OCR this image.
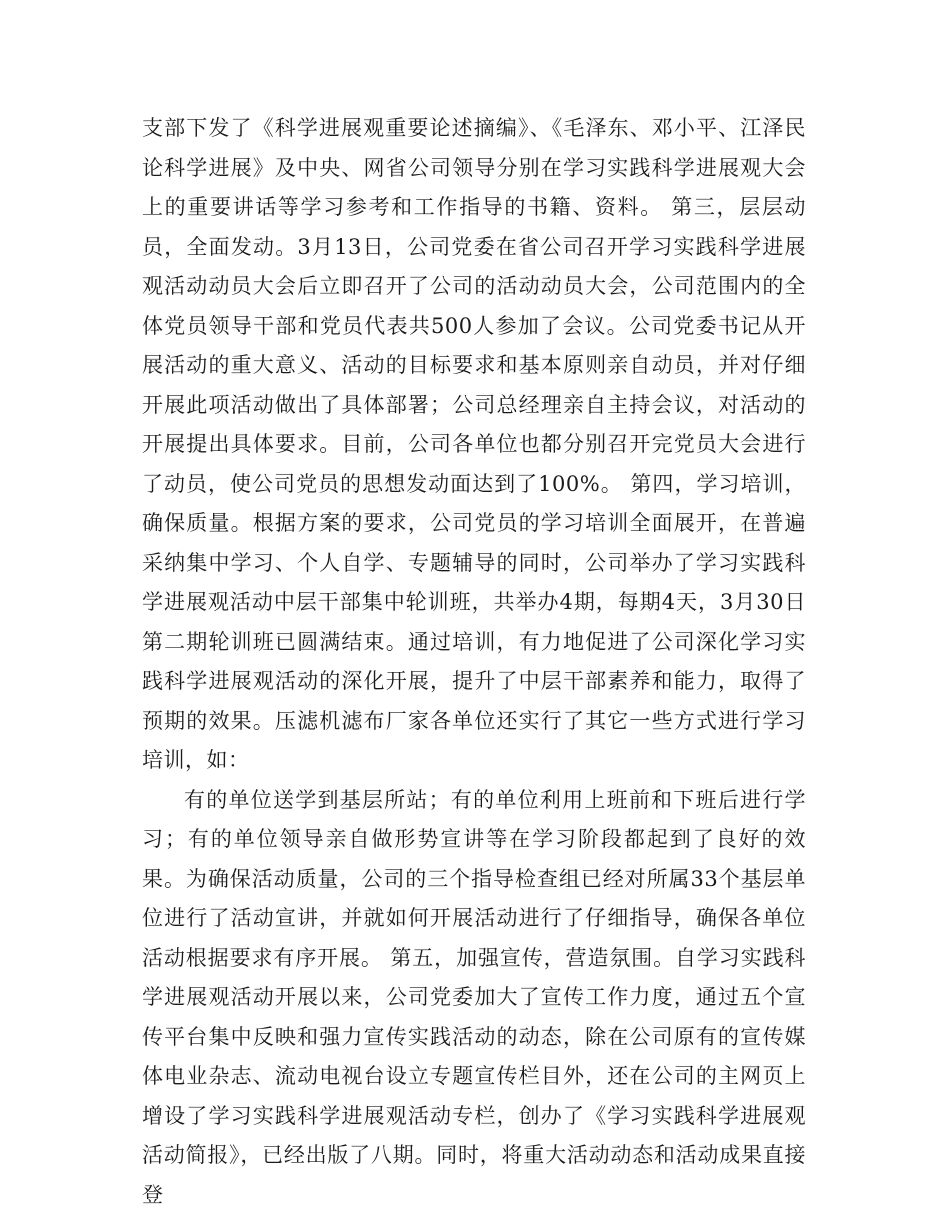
支部下发了《科学进展观重要论述摘编》、《毛泽东、邓小平、江泽民论科学进展》及中央、网省公司领导分别在学习实践科学进展观大会上的重要讲话等学习参考和工作指导的书籍、资料。 第三，层层动员，全面发动。3月13日，公司党委在省公司召开学习实践科学进展观活动动员大会后立即召开了公司的活动动员大会，公司范围内的全体党员领导干部和党员代表共500人参加了会议。公司党委书记从开展活动的重大意义、活动的目标要求和基本原则亲自动员，并对仔细开展此项活动做出了具体部署；公司总经理亲自主持会议，对活动的开展提出具体要求。目前，公司各单位也都分别召开完党员大会进行了动员，使公司党员的思想发动面达到了100%。 第四，学习培训，确保质量。根据方案的要求，公司党员的学习培训全面展开，在普遍采纳集中学习、个人自学、专题辅导的同时，公司举办了学习实践科学进展观活动中层干部集中轮训班，共举办4期，每期4天，3月30日第二期轮训班已圆满结束。通过培训，有力地促进了公司深化学习实践科学进展观活动的深化开展，提升了中层干部素养和能力，取得了预期的效果。压滤机滤布厂家各单位还实行了其它一些方式进行学习培训，如：

有的单位送学到基层所站；有的单位利用上班前和下班后进行学习；有的单位领导亲自做形势宣讲等在学习阶段都起到了良好的效果。为确保活动质量，公司的三个指导检查组已经对所属33个基层单位进行了活动宣讲，并就如何开展活动进行了仔细指导，确保各单位活动根据要求有序开展。 第五，加强宣传，营造氛围。自学习实践科学进展观活动开展以来，公司党委加大了宣传工作力度，通过五个宣传平台集中反映和强力宣传实践活动的动态，除在公司原有的宣传媒体电业杂志、流动电视台设立专题宣传栏目外，还在公司的主网页上增设了学习实践科学进展观活动专栏，创办了《学习实践科学进展观活动简报》，已经出版了八期。同时，将重大活动动态和活动成果直接登
